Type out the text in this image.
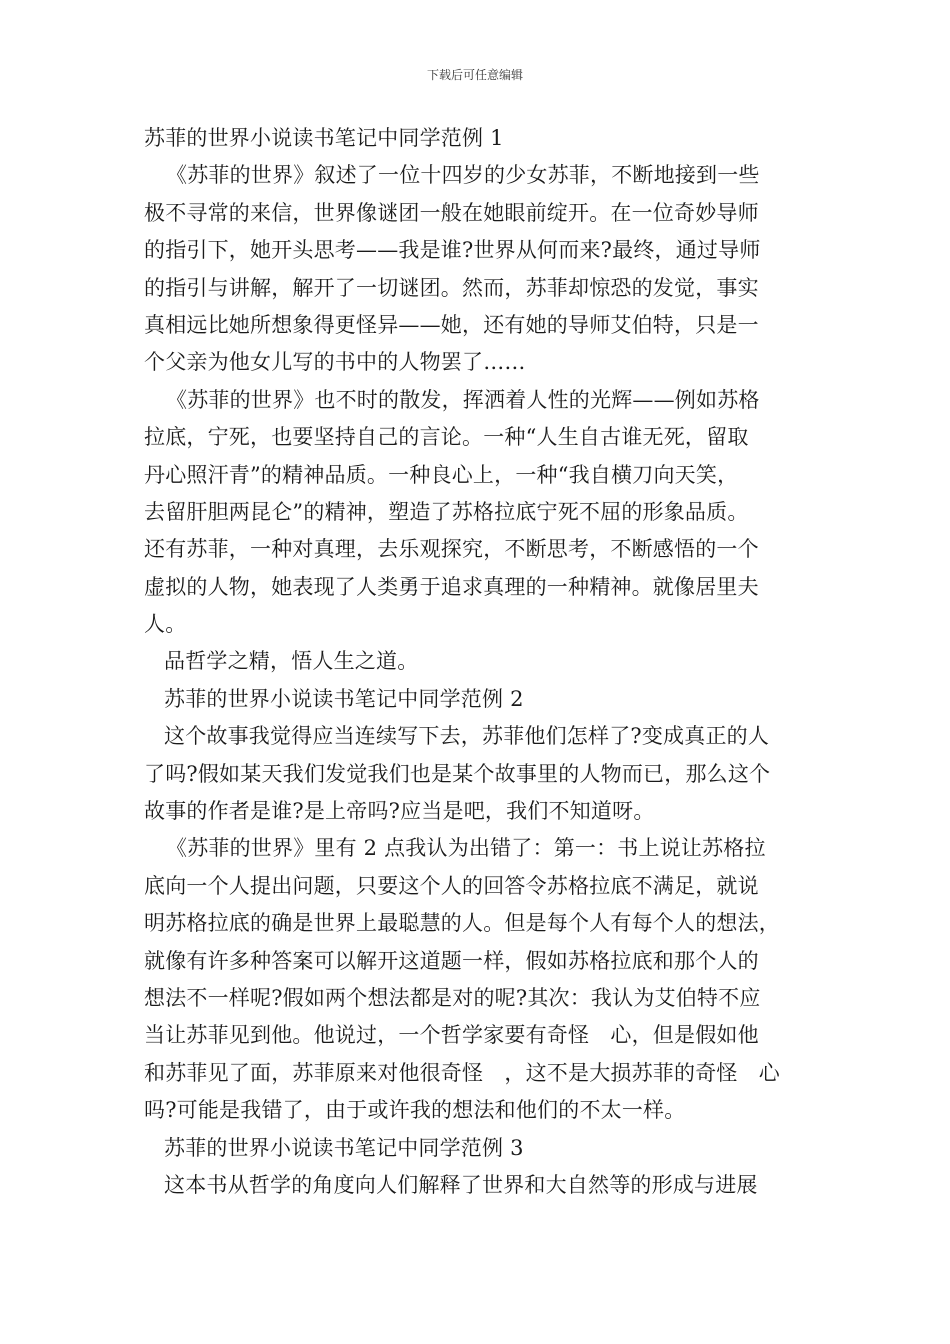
下载后可任意编辑
苏菲的世界小说读书笔记中同学范例 1
《苏菲的世界》叙述了一位十四岁的少女苏菲，不断地接到一些
极不寻常的来信，世界像谜团一般在她眼前绽开。在一位奇妙导师
的指引下，她开头思考——我是谁?世界从何而来?最终，通过导师
的指引与讲解，解开了一切谜团。然而，苏菲却惊恐的发觉，事实
真相远比她所想象得更怪异——她，还有她的导师艾伯特，只是一
个父亲为他女儿写的书中的人物罢了……
《苏菲的世界》也不时的散发，挥洒着人性的光辉——例如苏格
拉底，宁死，也要坚持自己的言论。一种“人生自古谁无死，留取
丹心照汗青”的精神品质。一种良心上，一种“我自横刀向天笑，
去留肝胆两昆仑”的精神，塑造了苏格拉底宁死不屈的形象品质。
还有苏菲，一种对真理，去乐观探究，不断思考，不断感悟的一个
虚拟的人物，她表现了人类勇于追求真理的一种精神。就像居里夫
人。
品哲学之精，悟人生之道。
苏菲的世界小说读书笔记中同学范例 2
这个故事我觉得应当连续写下去，苏菲他们怎样了?变成真正的人
了吗?假如某天我们发觉我们也是某个故事里的人物而已，那么这个
故事的作者是谁?是上帝吗?应当是吧，我们不知道呀。
《苏菲的世界》里有 2 点我认为出错了：第一：书上说让苏格拉
底向一个人提出问题，只要这个人的回答令苏格拉底不满足，就说
明苏格拉底的确是世界上最聪慧的人。但是每个人有每个人的想法，
就像有许多种答案可以解开这道题一样，假如苏格拉底和那个人的
想法不一样呢?假如两个想法都是对的呢?其次：我认为艾伯特不应
当让苏菲见到他。他说过，一个哲学家要有奇怪　心，但是假如他
和苏菲见了面，苏菲原来对他很奇怪　，这不是大损苏菲的奇怪　心
吗?可能是我错了，由于或许我的想法和他们的不太一样。
苏菲的世界小说读书笔记中同学范例 3
这本书从哲学的角度向人们解释了世界和大自然等的形成与进展
